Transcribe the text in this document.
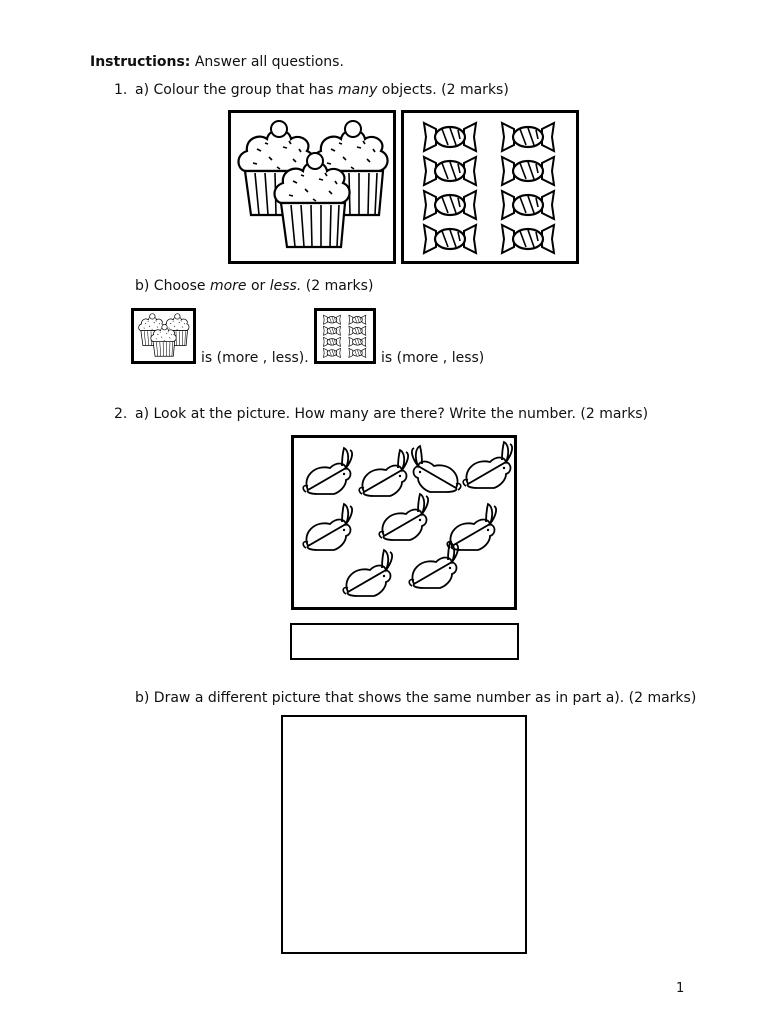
Instructions: Answer all questions.
1. a) Colour the group that has many objects. (2 marks)
b) Choose more or less. (2 marks)
is (more , less).	is (more , less)
2. a) Look at the picture. How many are there? Write the number. (2 marks)
b) Draw a different picture that shows the same number as in part a). (2 marks)
1
